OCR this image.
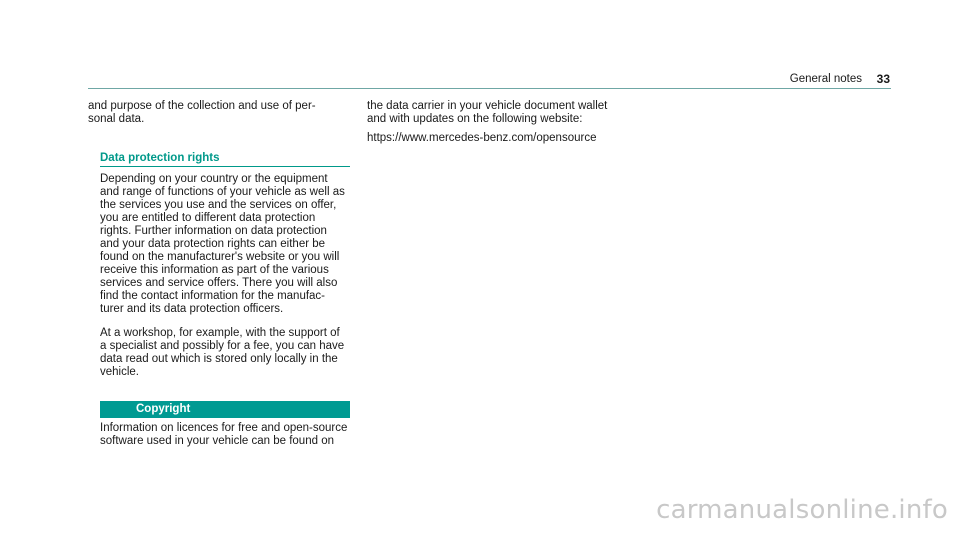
General notes 33

and purpose of the collection and use of per-
sonal data.

Data protection rights
Depending on your country or the equipment
and range of functions of your vehicle as well as
the services you use and the services on offer,
you are entitled to different data protection
rights. Further information on data protection
and your data protection rights can either be
found on the manufacturer's website or you will
receive this information as part of the various
services and service offers. There you will also
find the contact information for the manufac-
turer and its data protection officers.
At a workshop, for example, with the support of
a specialist and possibly for a fee, you can have
data read out which is stored only locally in the
vehicle.
Copyright
Information on licences for free and open-source
software used in your vehicle can be found on

the data carrier in your vehicle document wallet
and with updates on the following website:

https://www.mercedes-benz.com/opensource

carmanualsonline.info
